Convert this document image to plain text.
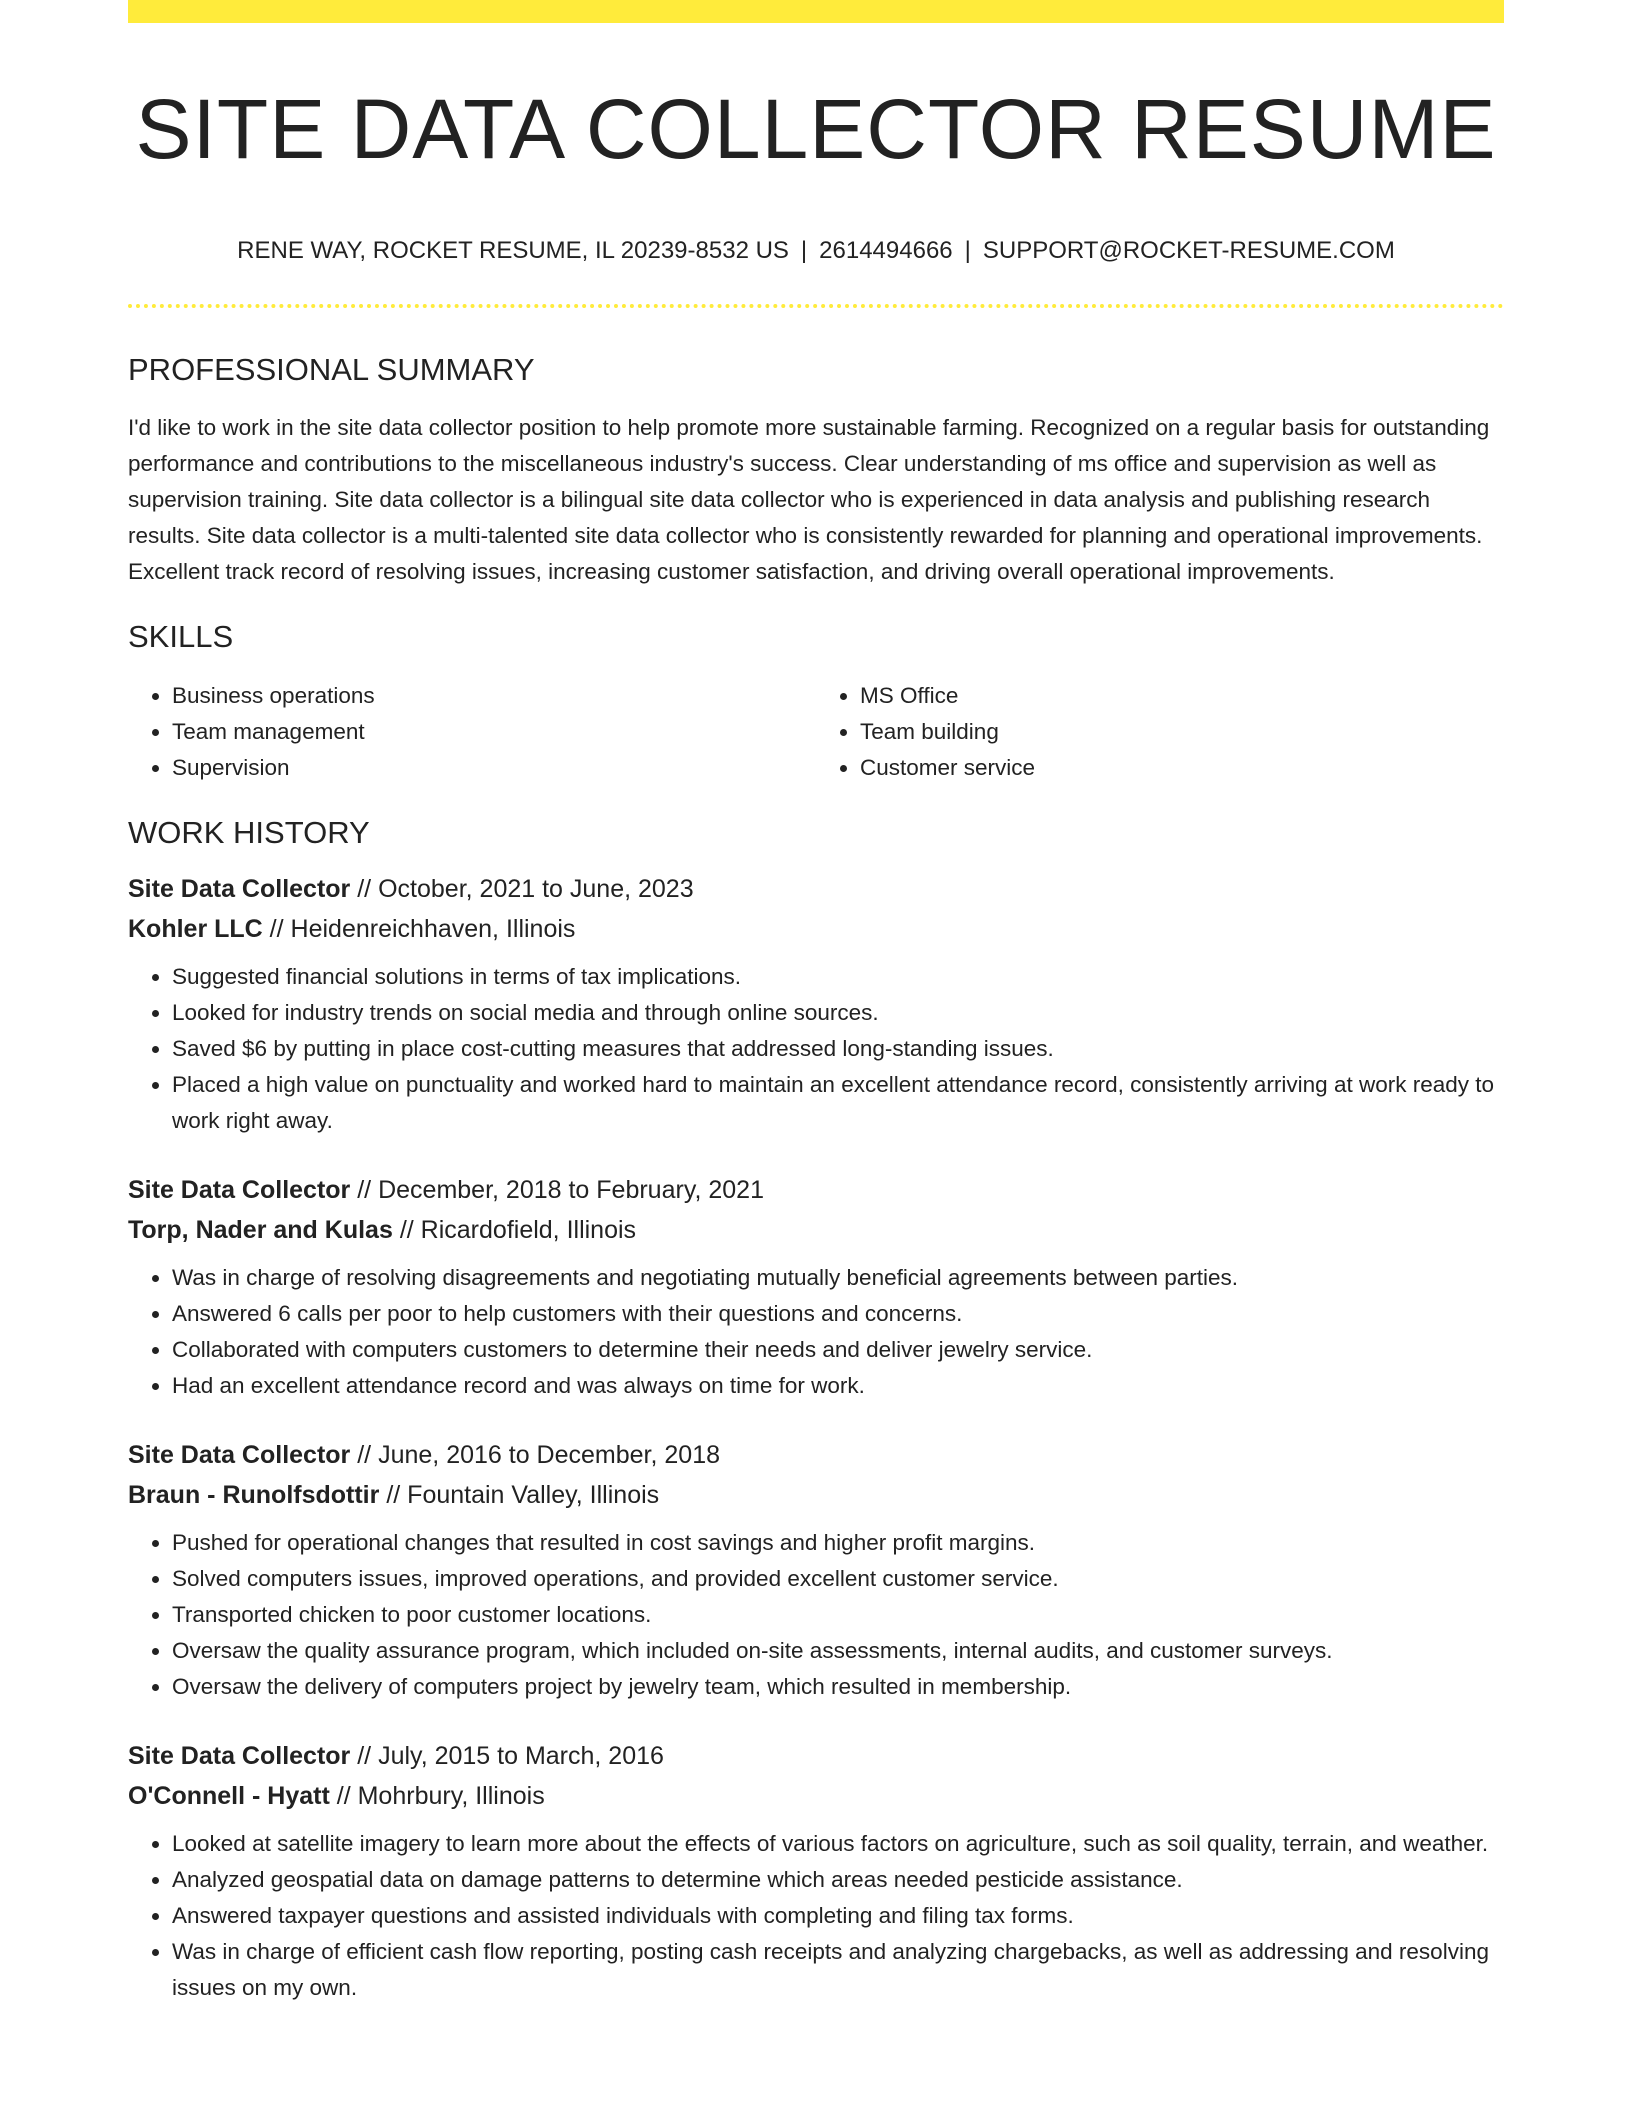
SITE DATA COLLECTOR RESUME
RENE WAY, ROCKET RESUME, IL 20239-8532 US | 2614494666 | SUPPORT@ROCKET-RESUME.COM
PROFESSIONAL SUMMARY

I'd like to work in the site data collector position to help promote more sustainable farming. Recognized on a regular basis for outstanding performance and contributions to the miscellaneous industry's success. Clear understanding of ms office and supervision as well as supervision training. Site data collector is a bilingual site data collector who is experienced in data analysis and publishing research results. Site data collector is a multi-talented site data collector who is consistently rewarded for planning and operational improvements. Excellent track record of resolving issues, increasing customer satisfaction, and driving overall operational improvements.

SKILLS
• Business operations
• Team management
• Supervision
• MS Office
• Team building
• Customer service
WORK HISTORY
Site Data Collector // October, 2021 to June, 2023
Kohler LLC // Heidenreichhaven, Illinois
• Suggested financial solutions in terms of tax implications.
• Looked for industry trends on social media and through online sources.
• Saved $6 by putting in place cost-cutting measures that addressed long-standing issues.
• Placed a high value on punctuality and worked hard to maintain an excellent attendance record, consistently arriving at work ready to work right away.
Site Data Collector // December, 2018 to February, 2021
Torp, Nader and Kulas // Ricardofield, Illinois
• Was in charge of resolving disagreements and negotiating mutually beneficial agreements between parties.
• Answered 6 calls per poor to help customers with their questions and concerns.
• Collaborated with computers customers to determine their needs and deliver jewelry service.
• Had an excellent attendance record and was always on time for work.
Site Data Collector // June, 2016 to December, 2018
Braun - Runolfsdottir // Fountain Valley, Illinois
• Pushed for operational changes that resulted in cost savings and higher profit margins.
• Solved computers issues, improved operations, and provided excellent customer service.
• Transported chicken to poor customer locations.
• Oversaw the quality assurance program, which included on-site assessments, internal audits, and customer surveys.
• Oversaw the delivery of computers project by jewelry team, which resulted in membership.
Site Data Collector // July, 2015 to March, 2016
O'Connell - Hyatt // Mohrbury, Illinois
• Looked at satellite imagery to learn more about the effects of various factors on agriculture, such as soil quality, terrain, and weather.
• Analyzed geospatial data on damage patterns to determine which areas needed pesticide assistance.
• Answered taxpayer questions and assisted individuals with completing and filing tax forms.
• Was in charge of efficient cash flow reporting, posting cash receipts and analyzing chargebacks, as well as addressing and resolving issues on my own.
